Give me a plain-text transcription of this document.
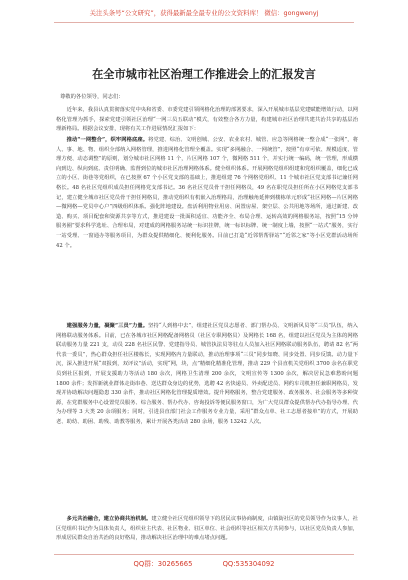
关注头条号“公文研究”，获得最新最全最专业的公文资料库！ 微信：gongwenyj
在全市城市社区治理工作推进会上的汇报发言
尊敬的各位领导，同志们：

近年来，我县认真贯彻落实党中央和省委、市委党建引领网格化治理的部署要求，深入开展城市基层党建赋能增效行动，以网格化管理为抓手，探索党建引领社区治理“一网三员五联动”模式，有效整合各方力量，构建城市社区治理共建共治共享的基层治理新格局。根据会议安排，现将有关工作进展情况汇报如下：

推动“一网整合”，织牢网格底座。将党建、综治、文明创城、公安、农业农村、城管、应急等网格统一整合成“一张网”，将人、事、地、物、组织全部纳入网格管理，推进网格化管理全覆盖。实现“多网融合、一网统管”，按照“有章可依、规模适度、管理方便、动态调整”的原则，划分城市社区网格 11 个，片区网格 107 个，微网格 511 个，并实行统一编码，统一管理，形成横向到边、纵向到底、责任明确、监督到位的城市社区治理网格体系。健全组织体系。开展网格党组织组建和党组织覆盖，细化已成立的小区、街巷等党组织，在已按照 67 个小区党支部的基础上，推进组建 76 个网格党组织、11 个城市社区党支部书记兼任网格长。48 名社区党组织成员担任网格党支部书记。36 名社区党员骨干担任网格员，49 名在职党员担任所在小区网格党支部书记，建立健全城市社区党员骨干担任网格员，推动党组织有机嵌入治理格局，治理触角延伸到楼栋单元形成“社区网格—片区网格—微网格—党员中心户”四级组织体系。强化阵地建设。盘活利用物业用房、闲置房屋、架空层、公共用地等场所，通过新建、改造、购买、项目配套和资源共享等方式，推进建设一批面积适宜、功能齐全、布局合理、运转高效的网格服务站，按照“15 分钟服务圈”要求科学选址、合理布局，对建成的网格服务站统一标识挂牌，统一标识标牌、统一制度上墙，按照“一站式”服务，实行一站受理、一窗通办等服务项目，为群众提供精细化、便利化服务。目前已打造“近邻帮帮驿站”“近邻之家”等小区党群活动场所 42 个。

建强服务力量，凝聚“三员”力量。坚持“人到格中去”，组建社区党员志愿者、部门帮办员、文明新风员等“三员”队伍，纳入网格联动服务体系。目前，已在各城市社区网格配备网格员（社区专职网格员）及网格长 168 名，组建以社区党员为主体的网格联动服务力量 221 支，动员 228 名社区民警、党建指导员、城管执法员等驻点人员加入社区网格联动服务队伍，聘请 82 名“两代表一委员”，热心群众担任社区楼栋长，实现网格内力量联动，推动治理事项“三员”同步知晓、同步处置、同步反馈。动力量下沉，深入推进开展“双报到，双评议”活动，实现“网，块，点”精细化精准化管理，推动 229 个县直机关党组织 3700 余名在职党员到社区报到，开展支援助力等活动 180 余次，网格卫生清理 200 余次，文明宣传等 1300 余次，解决居民急难愁盼问题 1800 余件；发挥新就业群体走街串巷、送达群众身边的优势，选聘 42 名快递员、外卖配送员、网约车司机担任兼职网格员，发现并协助解决问题隐患 330 余件，推动社区网格化管理提质增效。提升网格服务，整合党建服务、政务服务、社会服务等多种资源，在党群服务中心设置党员服务、综合服务、帮办代办、咨询投诉等便民服务窗口，为广大党员群众提供帮办代办指导办理、代为办理等 3 大类 20 余项服务；同时，引进县直部门社会工作服务专业力量，采用“群众点单、社工志愿者接单”的方式，开展助老、助幼、助困、助残、助教等服务，累计开展各类活动 280 余场，服务 13242 人次。

多元共治融合，建立协商共治机制。建立健全社区党组织领导下的居民议事协商制度，由镇街社区的党员领导作为议事人，社区党组织书记作为具体负责人，组织业主代表、社区物业、驻区单位、社会组织等社区相关方共同参与，以社区党员负责人参加，形成居民群众自治共治的良好格局，推动解决社区治理中的难点堵点问题。

QQ群：30265665	QQ:535304092
